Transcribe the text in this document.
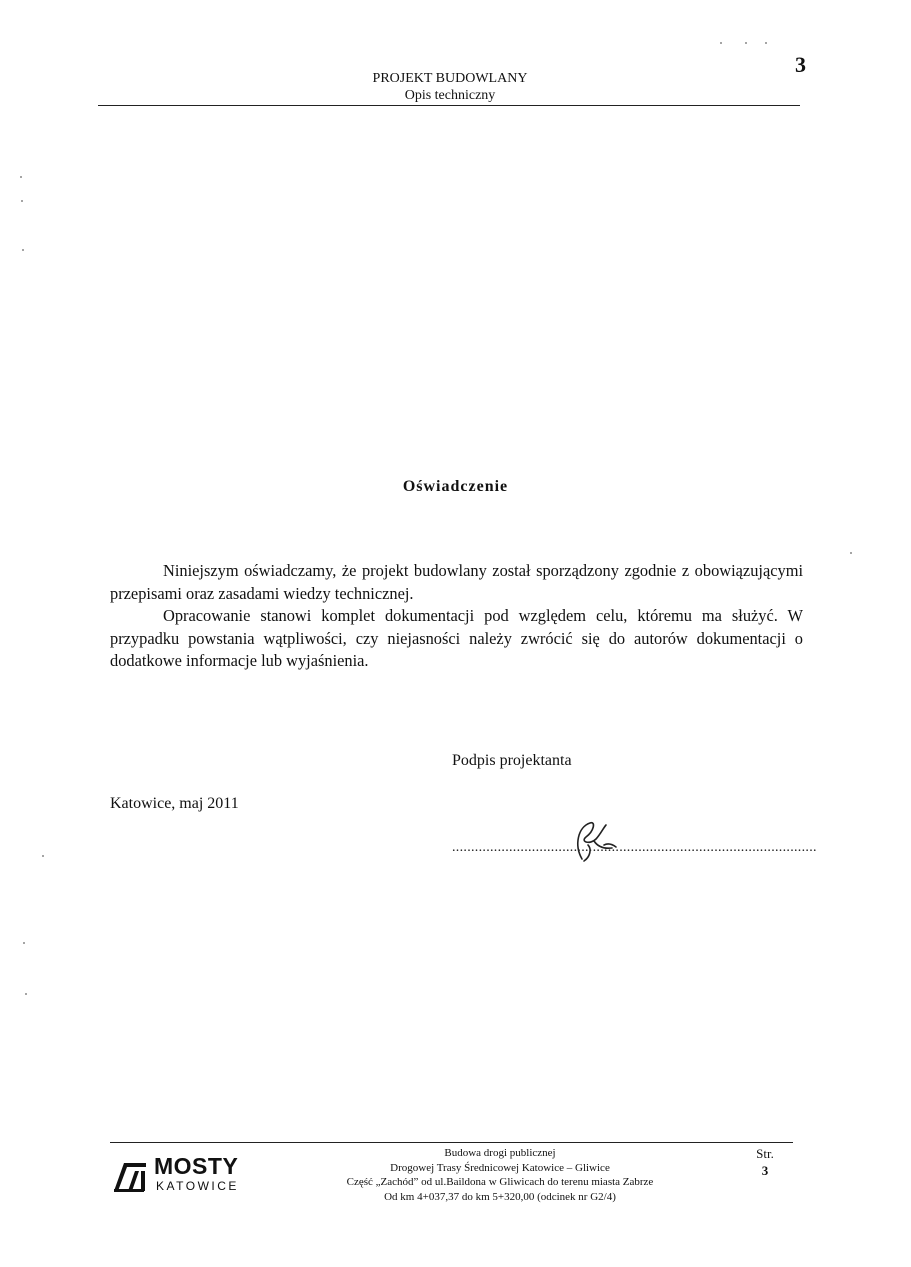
3
PROJEKT BUDOWLANY
Opis techniczny
Oświadczenie

Niniejszym oświadczamy, że projekt budowlany został sporządzony zgodnie z obowiązującymi przepisami oraz zasadami wiedzy technicznej.

Opracowanie stanowi komplet dokumentacji pod względem celu, któremu ma służyć. W przypadku powstania wątpliwości, czy niejasności należy zwrócić się do autorów dokumentacji o dodatkowe informacje lub wyjaśnienia.

Podpis projektanta
Katowice, maj 2011
................................................................................................
MOSTY
KATOWICE
Budowa drogi publicznej
Drogowej Trasy Średnicowej Katowice – Gliwice
Część „Zachód” od ul.Baildona w Gliwicach do terenu miasta Zabrze
Od km 4+037,37 do km 5+320,00 (odcinek nr G2/4)
Str.
3
